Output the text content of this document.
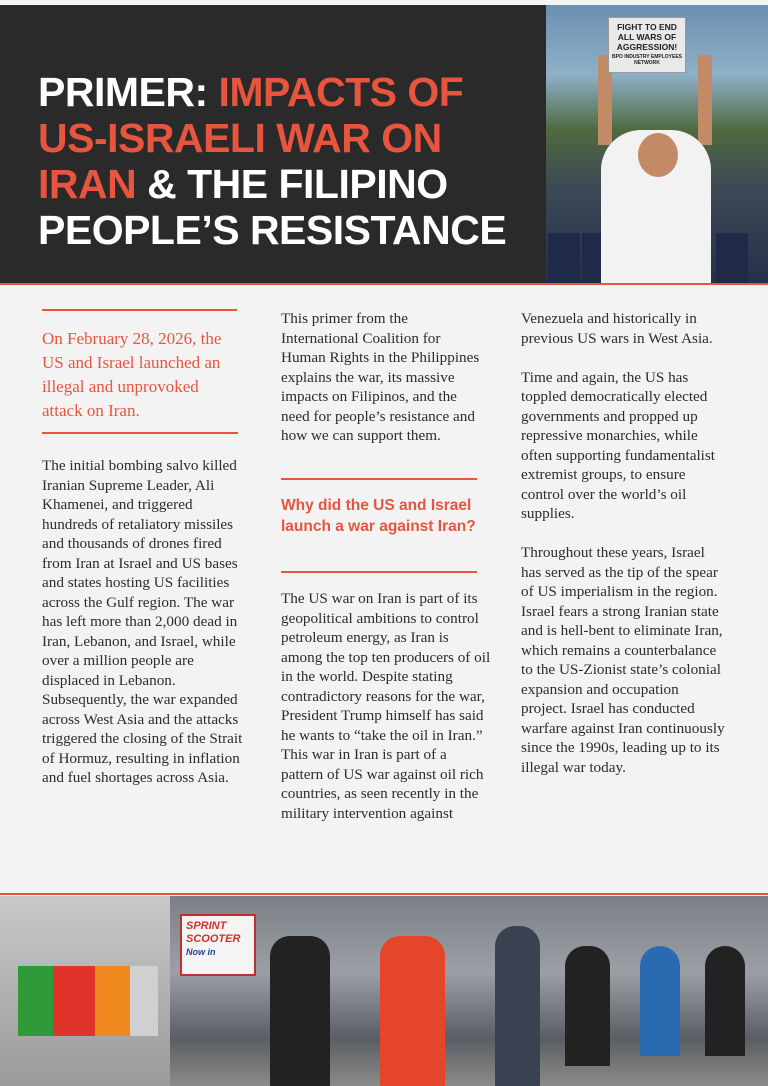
PRIMER: IMPACTS OF US-ISRAELI WAR ON IRAN & THE FILIPINO PEOPLE’S RESISTANCE
FIGHT TO END ALL WARS OF AGGRESSION!
BPO INDUSTRY EMPLOYEES NETWORK

On February 28, 2026, the US and Israel launched an illegal and unprovoked attack on Iran.

The initial bombing salvo killed Iranian Supreme Leader, Ali Khamenei, and triggered hundreds of retaliatory missiles and thousands of drones fired from Iran at Israel and US bases and states hosting US facilities across the Gulf region. The war has left more than 2,000 dead in Iran, Lebanon, and Israel, while over a million people are displaced in Lebanon. Subsequently, the war expanded across West Asia and the attacks triggered the closing of the Strait of Hormuz, resulting in inflation and fuel shortages across Asia.

This primer from the International Coalition for Human Rights in the Philippines explains the war, its massive impacts on Filipinos, and the need for people’s resistance and how we can support them.

Why did the US and Israel launch a war against Iran?

The US war on Iran is part of its geopolitical ambitions to control petroleum energy, as Iran is among the top ten producers of oil in the world. Despite stating contradictory reasons for the war, President Trump himself has said he wants to “take the oil in Iran.” This war in Iran is part of a pattern of US war against oil rich countries, as seen recently in the military intervention against

Venezuela and historically in previous US wars in West Asia.

Time and again, the US has toppled democratically elected governments and propped up repressive monarchies, while often supporting fundamentalist extremist groups, to ensure control over the world’s oil supplies.

Throughout these years, Israel has served as the tip of the spear of US imperialism in the region. Israel fears a strong Iranian state and is hell-bent to eliminate Iran, which remains a counterbalance to the US-Zionist state’s colonial expansion and occupation project. Israel has conducted warfare against Iran continuously since the 1990s, leading up to its illegal war today.

SPRINT
SCOOTER
Now in
